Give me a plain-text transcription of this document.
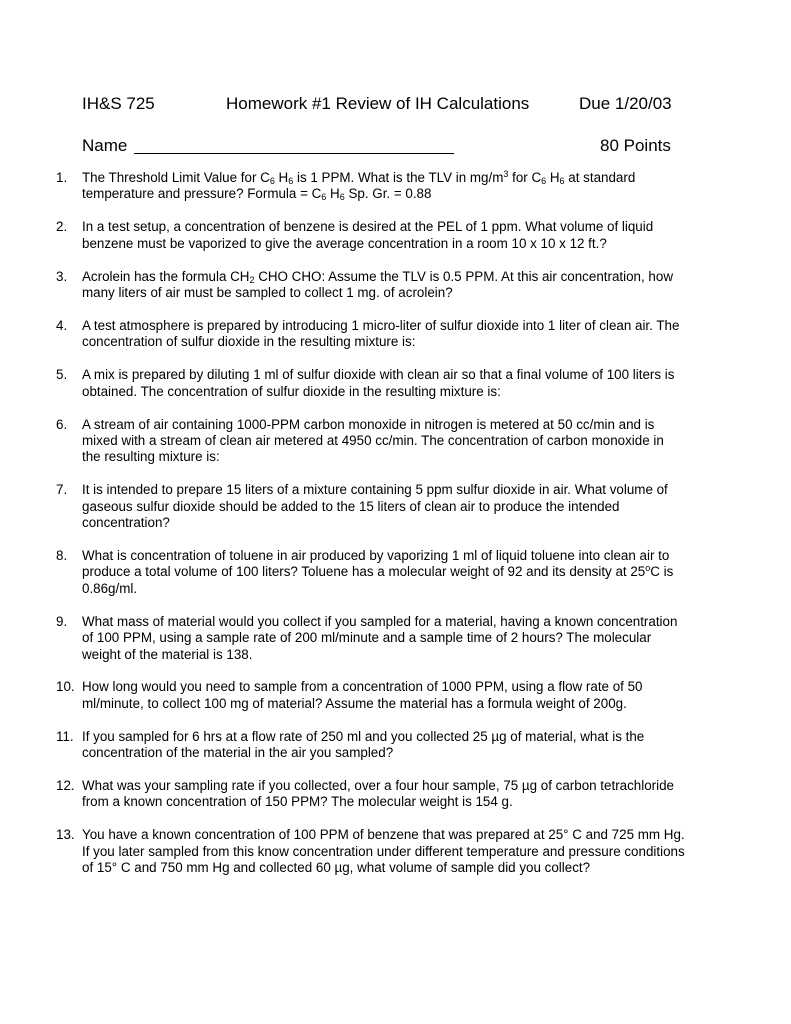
IH&S 725	Homework #1 Review of IH Calculations	Due 1/20/03
Name	80 Points
1.	The Threshold Limit Value for $C_6$ $H_6$ is 1 PPM. What is the TLV in $mg/m^3$ for $C_6$ $H_6$ at standard temperature and pressure? Formula = $C_6$ $H_6$ Sp. Gr. = 0.88
2.	In a test setup, a concentration of benzene is desired at the PEL of 1 ppm. What volume of liquid benzene must be vaporized to give the average concentration in a room 10 x 10 x 12 ft.?
3.	Acrolein has the formula $CH_2$ CHO CHO: Assume the TLV is 0.5 PPM. At this air concentration, how many liters of air must be sampled to collect 1 mg. of acrolein?
4.	A test atmosphere is prepared by introducing 1 micro-liter of sulfur dioxide into 1 liter of clean air. The concentration of sulfur dioxide in the resulting mixture is:
5.	A mix is prepared by diluting 1 ml of sulfur dioxide with clean air so that a final volume of 100 liters is obtained. The concentration of sulfur dioxide in the resulting mixture is:
6.	A stream of air containing 1000-PPM carbon monoxide in nitrogen is metered at 50 cc/min and is mixed with a stream of clean air metered at 4950 cc/min. The concentration of carbon monoxide in the resulting mixture is:
7.	It is intended to prepare 15 liters of a mixture containing 5 ppm sulfur dioxide in air. What volume of gaseous sulfur dioxide should be added to the 15 liters of clean air to produce the intended concentration?
8.	What is concentration of toluene in air produced by vaporizing 1 ml of liquid toluene into clean air to produce a total volume of 100 liters? Toluene has a molecular weight of 92 and its density at 25$^o$C is 0.86g/ml.
9.	What mass of material would you collect if you sampled for a material, having a known concentration of 100 PPM, using a sample rate of 200 ml/minute and a sample time of 2 hours? The molecular weight of the material is 138.
10. How long would you need to sample from a concentration of 1000 PPM, using a flow rate of 50 ml/minute, to collect 100 mg of material? Assume the material has a formula weight of 200g.
11. If you sampled for 6 hrs at a flow rate of 250 ml and you collected 25 µg of material, what is the concentration of the material in the air you sampled?
12. What was your sampling rate if you collected, over a four hour sample, 75 µg of carbon tetrachloride from a known concentration of 150 PPM? The molecular weight is 154 g.
13. You have a known concentration of 100 PPM of benzene that was prepared at 25° C and 725 mm Hg. If you later sampled from this know concentration under different temperature and pressure conditions of 15° C and 750 mm Hg and collected 60 µg, what volume of sample did you collect?
